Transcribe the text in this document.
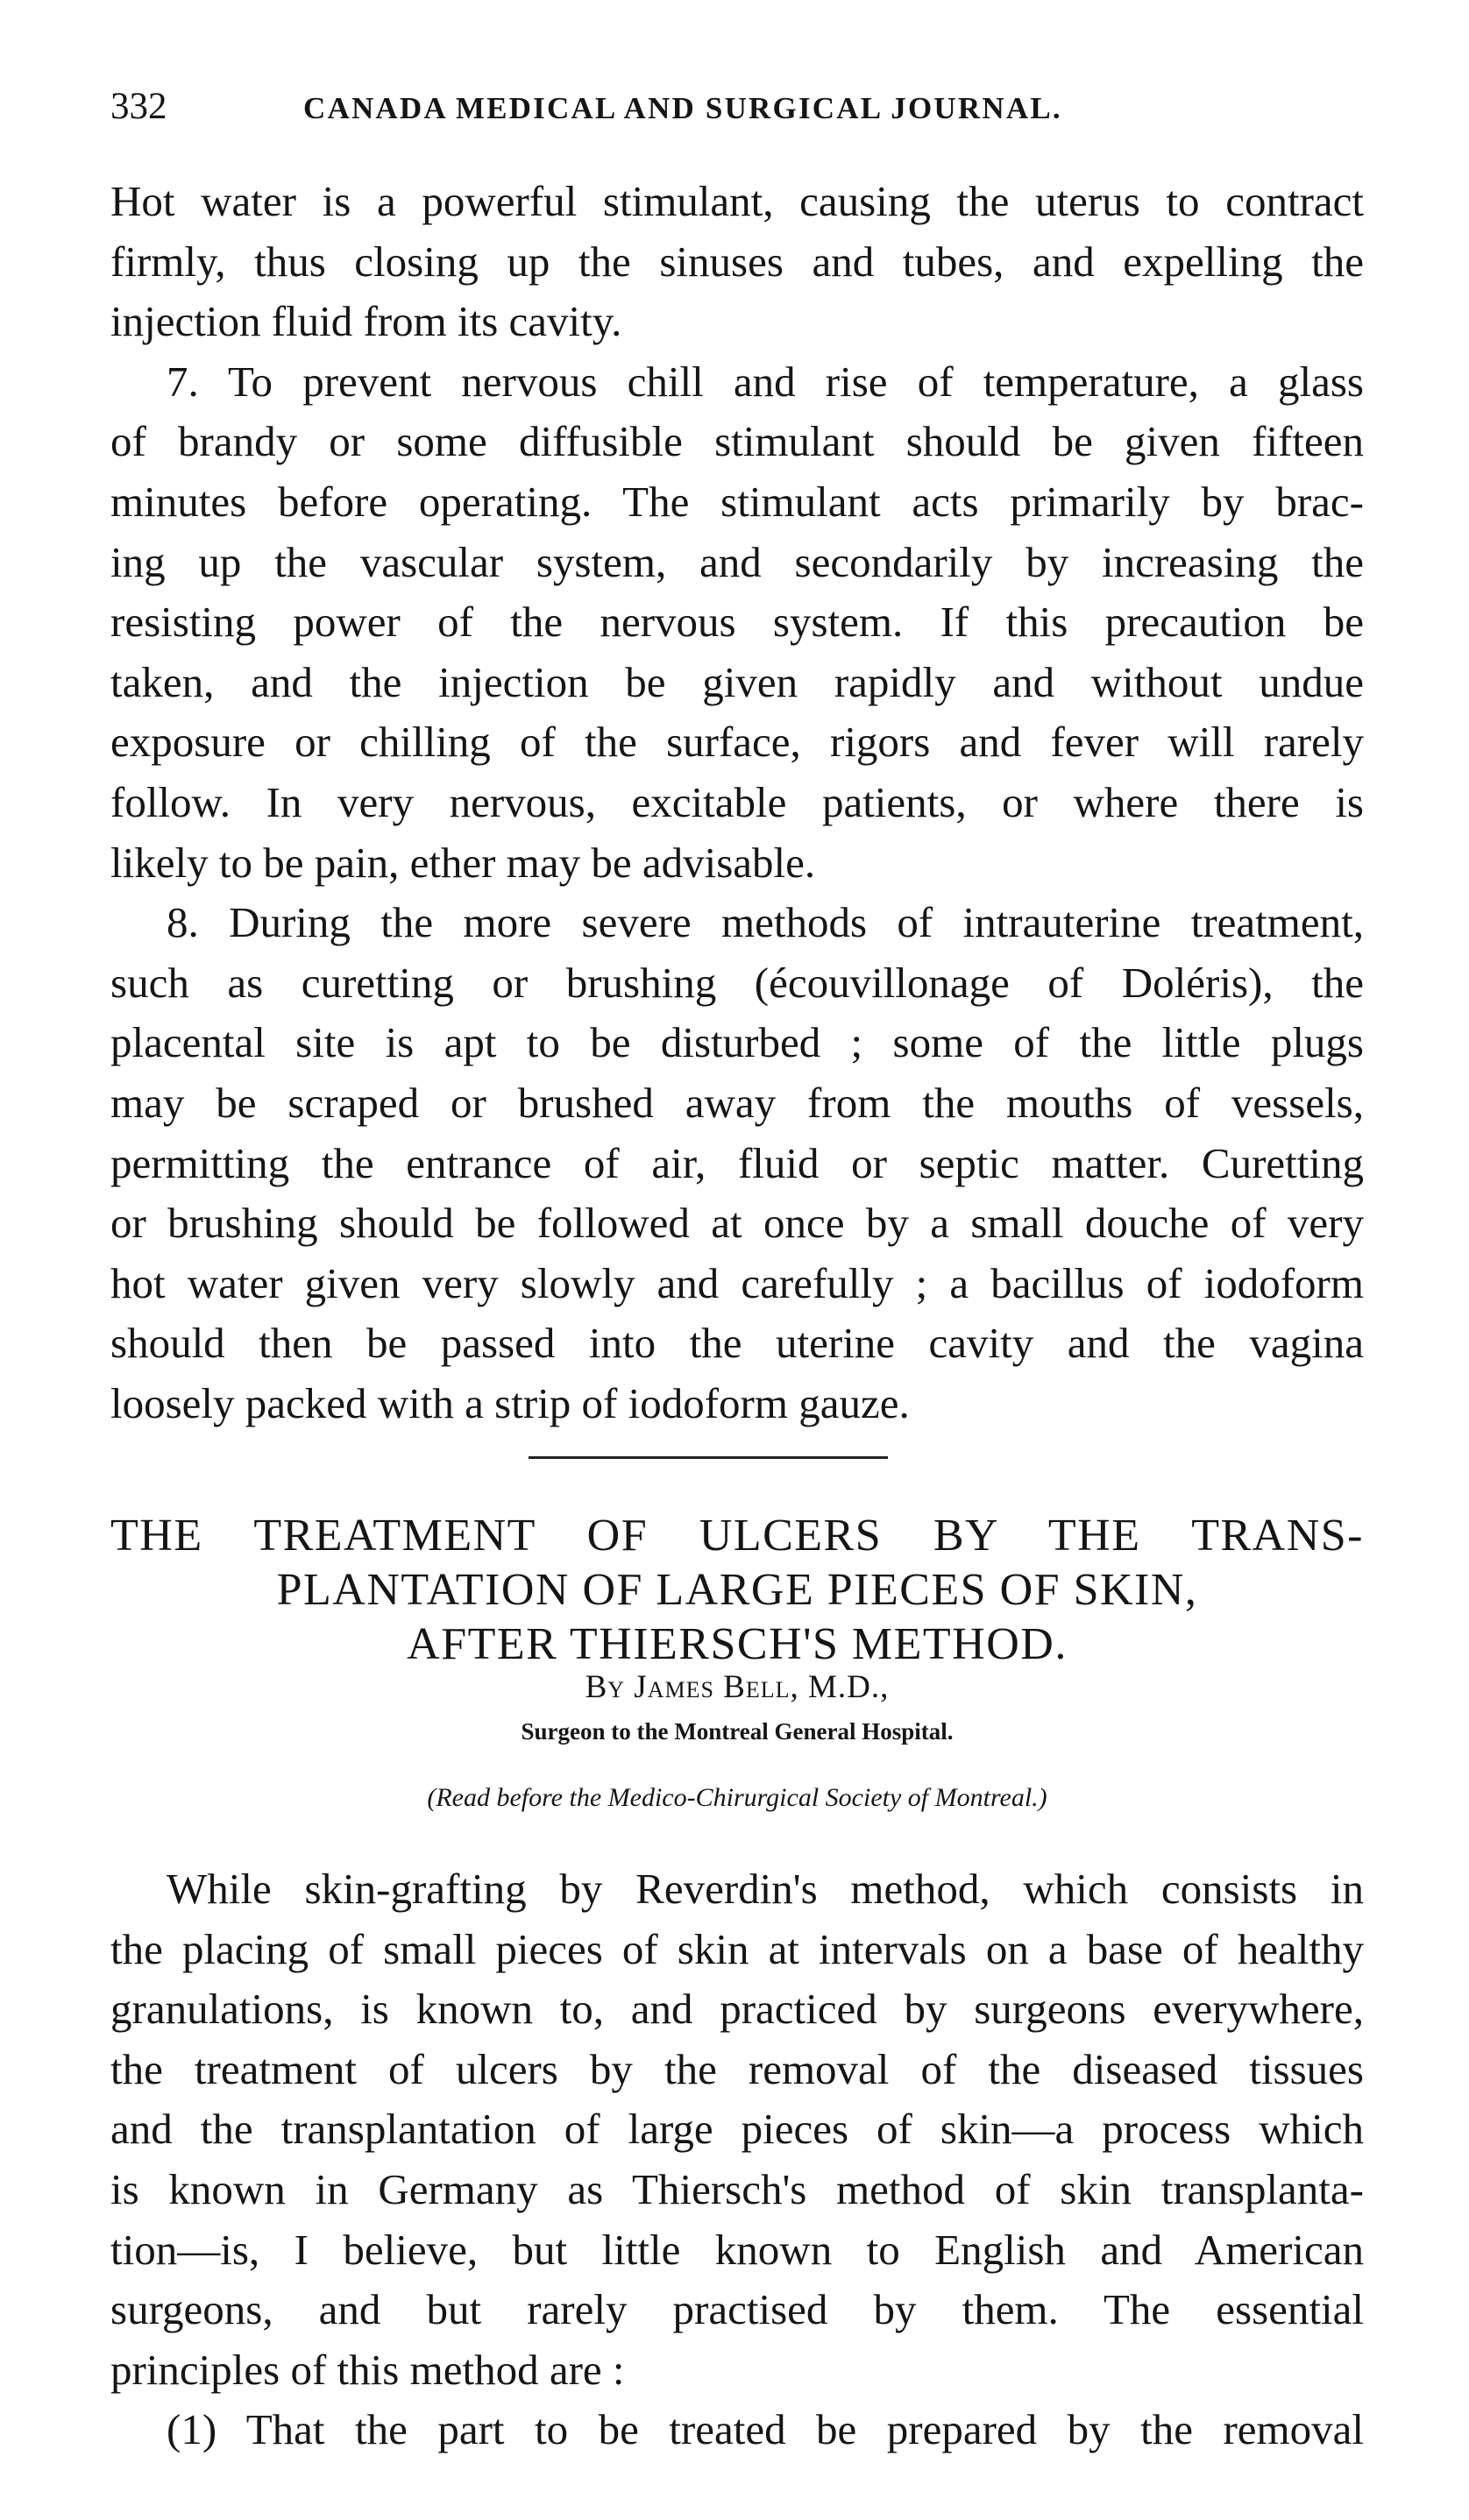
332	CANADA MEDICAL AND SURGICAL JOURNAL.
Hot water is a powerful stimulant, causing the uterus to contract
firmly, thus closing up the sinuses and tubes, and expelling the
injection fluid from its cavity.
7. To prevent nervous chill and rise of temperature, a glass
of brandy or some diffusible stimulant should be given fifteen
minutes before operating. The stimulant acts primarily by brac-
ing up the vascular system, and secondarily by increasing the
resisting power of the nervous system. If this precaution be
taken, and the injection be given rapidly and without undue
exposure or chilling of the surface, rigors and fever will rarely
follow. In very nervous, excitable patients, or where there is
likely to be pain, ether may be advisable.
8. During the more severe methods of intrauterine treatment,
such as curetting or brushing (écouvillonage of Doléris), the
placental site is apt to be disturbed ; some of the little plugs
may be scraped or brushed away from the mouths of vessels,
permitting the entrance of air, fluid or septic matter. Curetting
or brushing should be followed at once by a small douche of very
hot water given very slowly and carefully ; a bacillus of iodoform
should then be passed into the uterine cavity and the vagina
loosely packed with a strip of iodoform gauze.
THE TREATMENT OF ULCERS BY THE TRANS-
PLANTATION OF LARGE PIECES OF SKIN,
AFTER THIERSCH'S METHOD.
By James Bell, M.D.,
Surgeon to the Montreal General Hospital.
(Read before the Medico-Chirurgical Society of Montreal.)
While skin-grafting by Reverdin's method, which consists in
the placing of small pieces of skin at intervals on a base of healthy
granulations, is known to, and practiced by surgeons everywhere,
the treatment of ulcers by the removal of the diseased tissues
and the transplantation of large pieces of skin—a process which
is known in Germany as Thiersch's method of skin transplanta-
tion—is, I believe, but little known to English and American
surgeons, and but rarely practised by them. The essential
principles of this method are :
(1) That the part to be treated be prepared by the removal
